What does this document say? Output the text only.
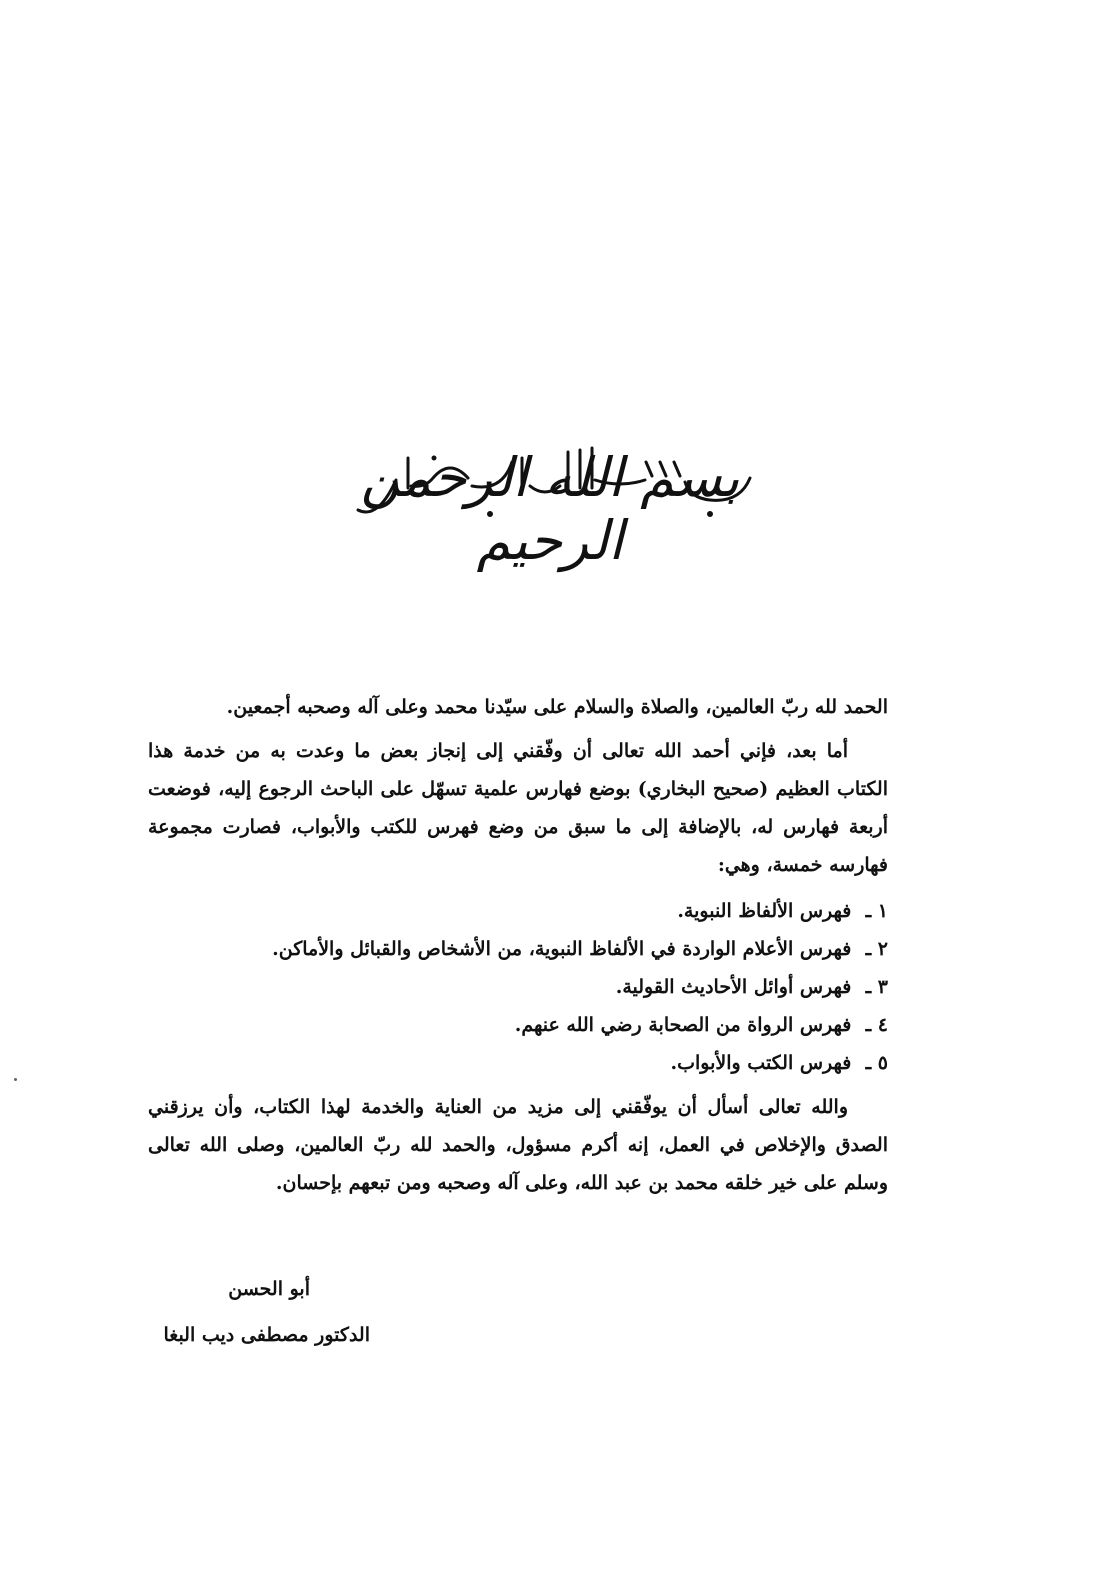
بسم الله الرحمن الرحيم

الحمد لله ربّ العالمين، والصلاة والسلام على سيّدنا محمد وعلى آله وصحبه أجمعين.

أما بعد، فإني أحمد الله تعالى أن وفّقني إلى إنجاز بعض ما وعدت به من خدمة هذا الكتاب العظيم (صحيح البخاري) بوضع فهارس علمية تسهّل على الباحث الرجوع إليه، فوضعت أربعة فهارس له، بالإضافة إلى ما سبق من وضع فهرس للكتب والأبواب، فصارت مجموعة فهارسه خمسة، وهي:

١ ـ فهرس الألفاظ النبوية.
٢ ـ فهرس الأعلام الواردة في الألفاظ النبوية، من الأشخاص والقبائل والأماكن.
٣ ـ فهرس أوائل الأحاديث القولية.
٤ ـ فهرس الرواة من الصحابة رضي الله عنهم.
٥ ـ فهرس الكتب والأبواب.

والله تعالى أسأل أن يوفّقني إلى مزيد من العناية والخدمة لهذا الكتاب، وأن يرزقني الصدق والإخلاص في العمل، إنه أكرم مسؤول، والحمد لله ربّ العالمين، وصلى الله تعالى وسلم على خير خلقه محمد بن عبد الله، وعلى آله وصحبه ومن تبعهم بإحسان.

أبو الحسن
الدكتور مصطفى ديب البغا
